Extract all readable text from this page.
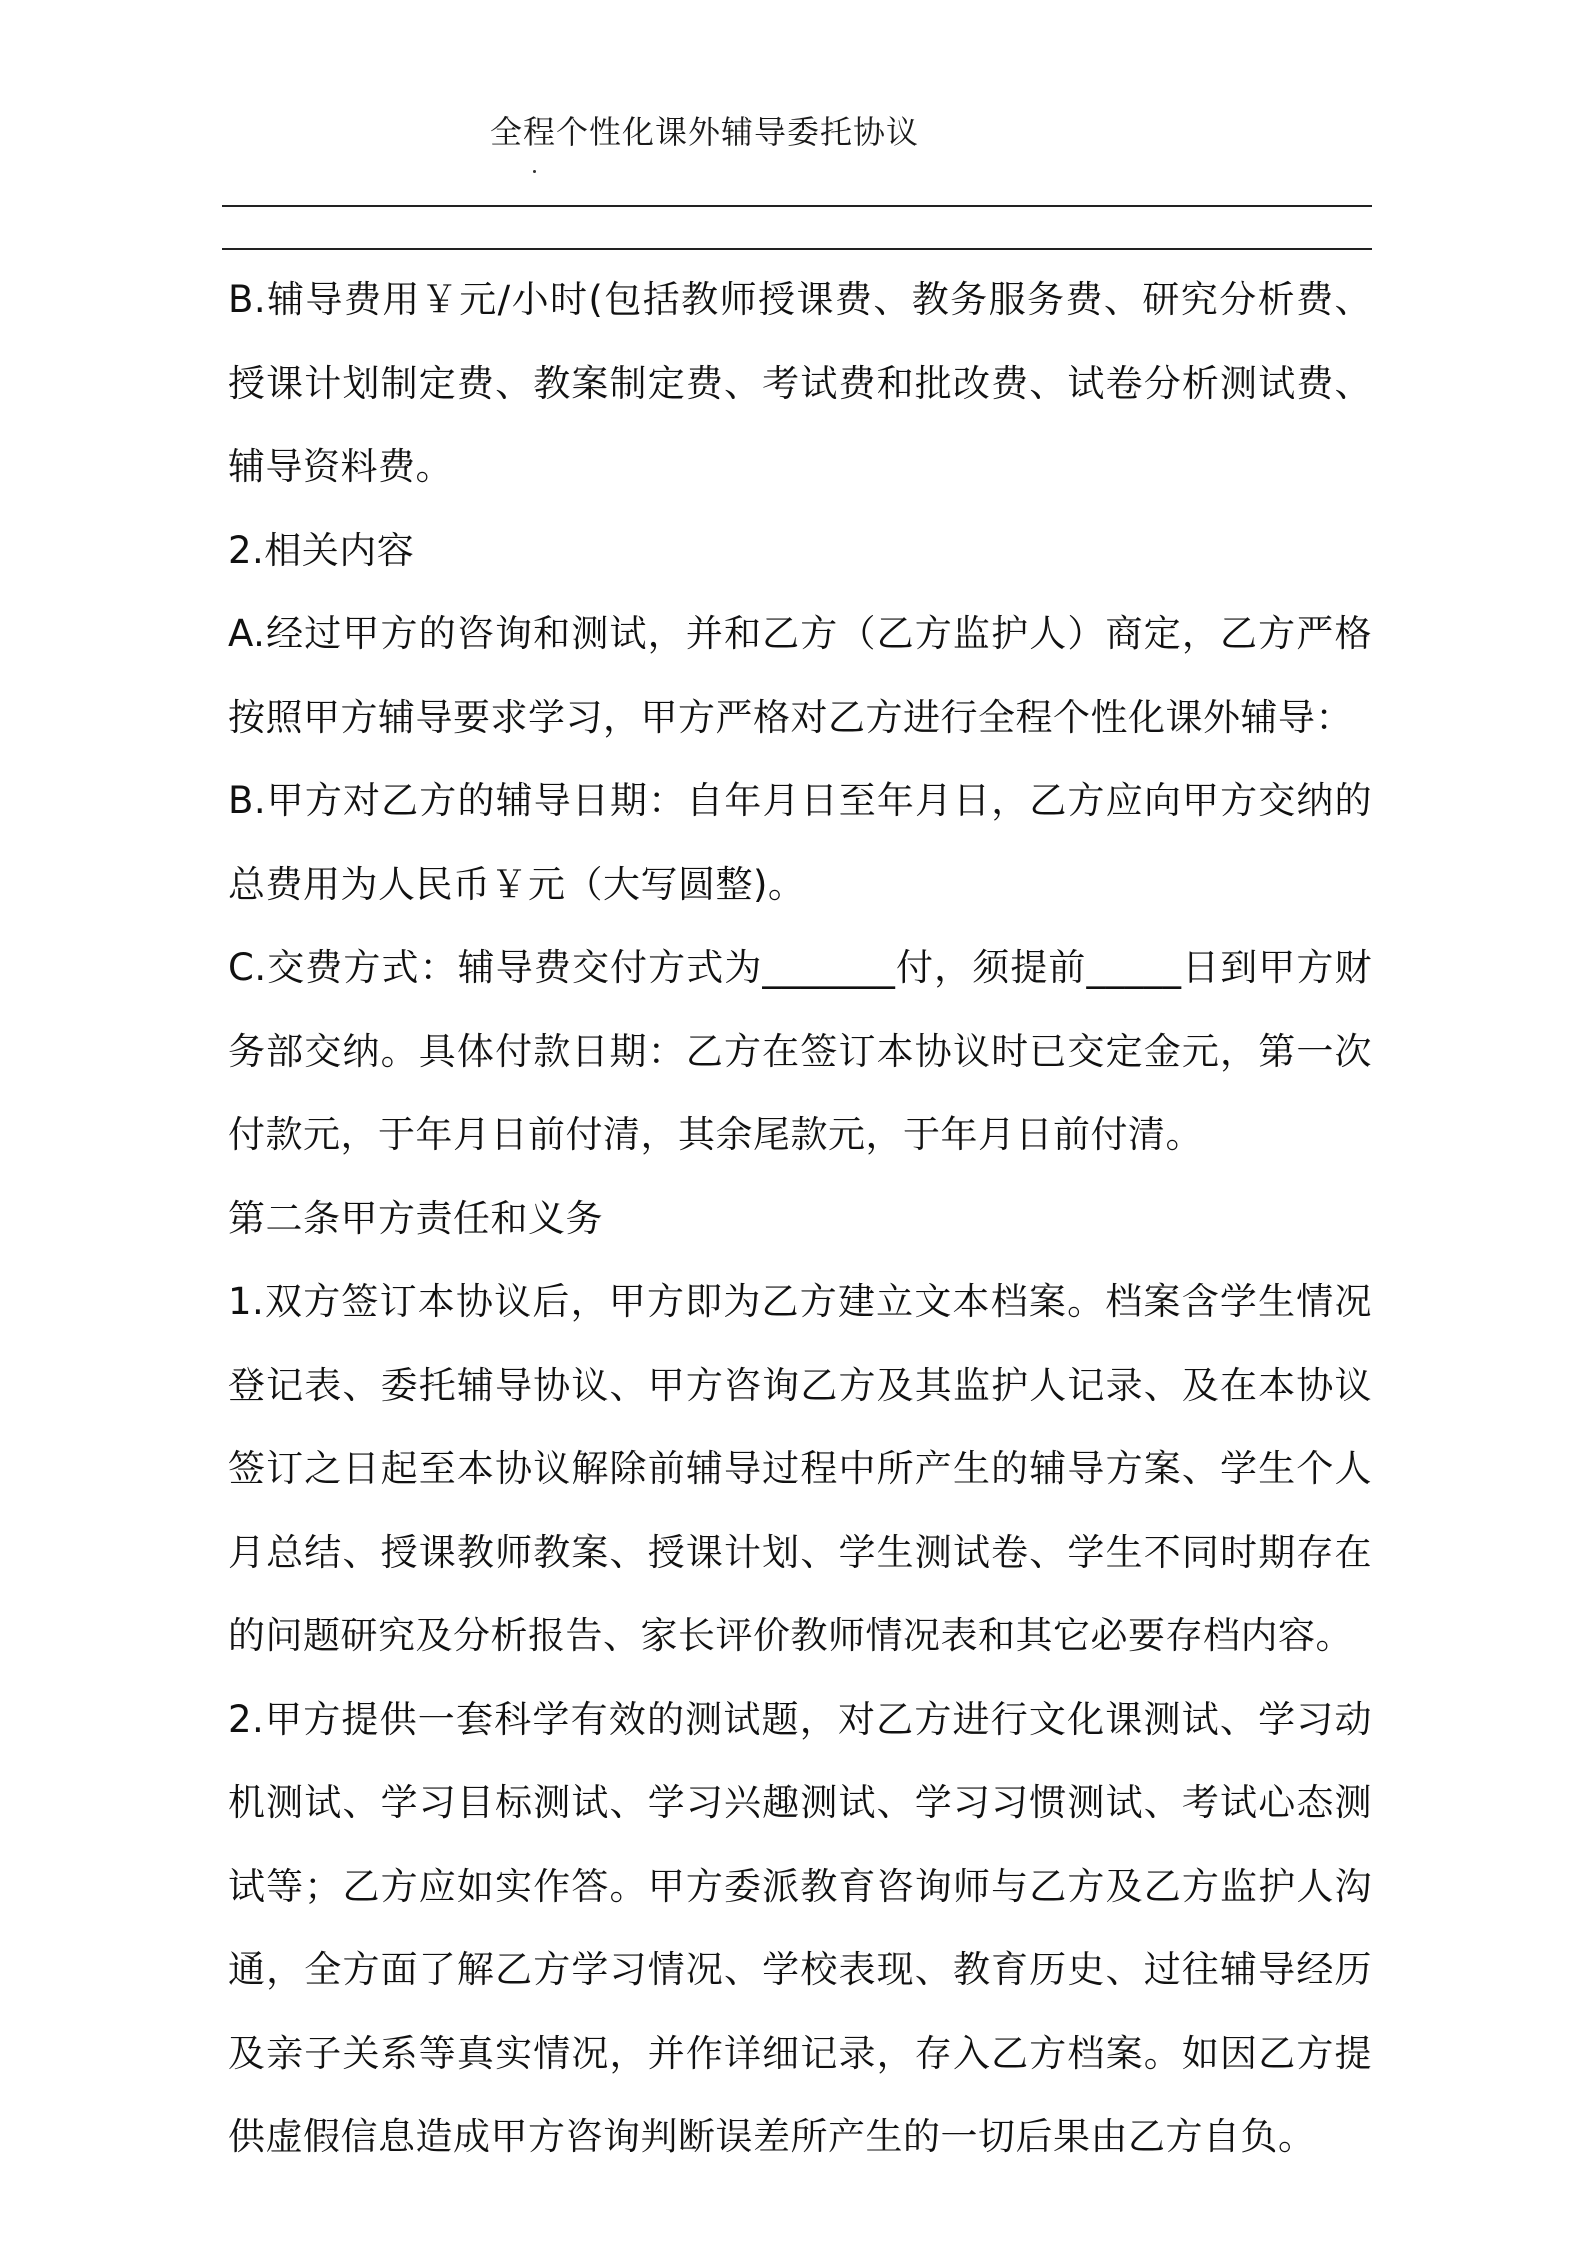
全程个性化课外辅导委托协议

B.辅导费用￥元/小时(包括教师授课费、教务服务费、研究分析费、授课计划制定费、教案制定费、考试费和批改费、试卷分析测试费、辅导资料费。

2.相关内容

A.经过甲方的咨询和测试，并和乙方（乙方监护人）商定，乙方严格按照甲方辅导要求学习，甲方严格对乙方进行全程个性化课外辅导：

B.甲方对乙方的辅导日期：自年月日至年月日，乙方应向甲方交纳的总费用为人民币￥元（大写圆整)。

C.交费方式：辅导费交付方式为_______付，须提前_____日到甲方财务部交纳。具体付款日期：乙方在签订本协议时已交定金元，第一次付款元，于年月日前付清，其余尾款元，于年月日前付清。

第二条甲方责任和义务

1.双方签订本协议后，甲方即为乙方建立文本档案。档案含学生情况登记表、委托辅导协议、甲方咨询乙方及其监护人记录、及在本协议签订之日起至本协议解除前辅导过程中所产生的辅导方案、学生个人月总结、授课教师教案、授课计划、学生测试卷、学生不同时期存在的问题研究及分析报告、家长评价教师情况表和其它必要存档内容。

2.甲方提供一套科学有效的测试题，对乙方进行文化课测试、学习动机测试、学习目标测试、学习兴趣测试、学习习惯测试、考试心态测试等；乙方应如实作答。甲方委派教育咨询师与乙方及乙方监护人沟通，全方面了解乙方学习情况、学校表现、教育历史、过往辅导经历及亲子关系等真实情况，并作详细记录，存入乙方档案。如因乙方提供虚假信息造成甲方咨询判断误差所产生的一切后果由乙方自负。
